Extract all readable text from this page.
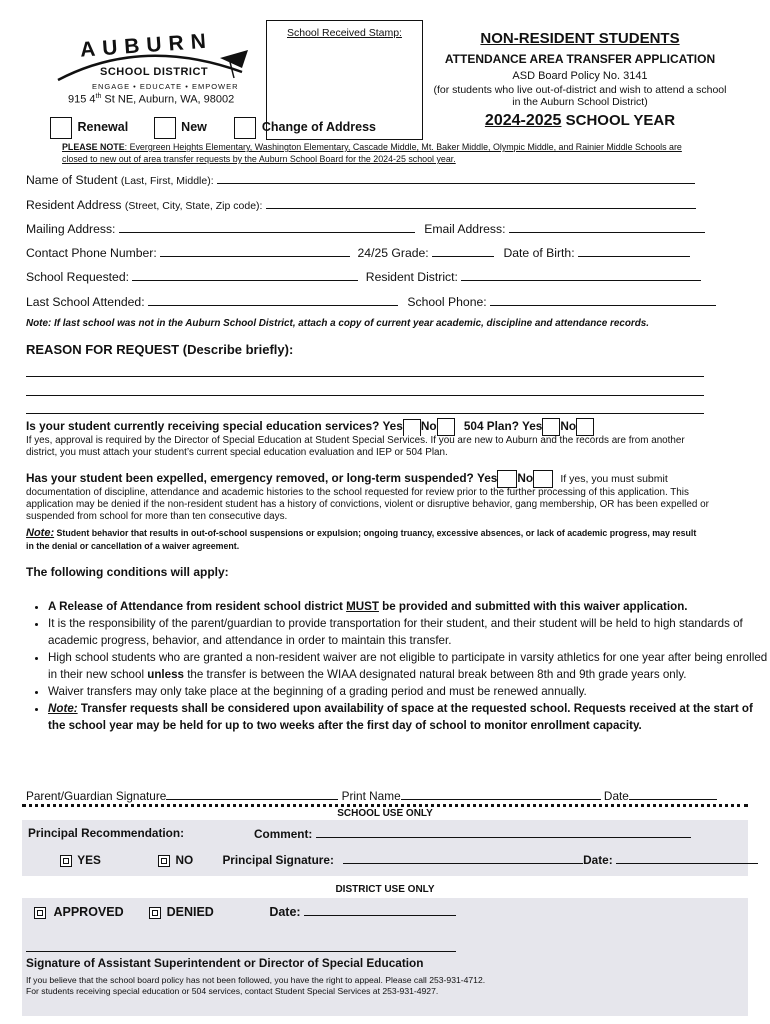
AUBURN
SCHOOL DISTRICT
ENGAGE • EDUCATE • EMPOWER
915 4th St NE, Auburn, WA, 98002
School Received Stamp:	NON-RESIDENT STUDENTS
ATTENDANCE AREA TRANSFER APPLICATION
ASD Board Policy No. 3141
(for students who live out-of-district and wish to attend a school in the Auburn School District)
2024-2025 SCHOOL YEAR
Renewal	New	Change of Address
PLEASE NOTE: Evergreen Heights Elementary, Washington Elementary, Cascade Middle, Mt. Baker Middle, Olympic Middle, and Rainier Middle Schools are closed to new out of area transfer requests by the Auburn School Board for the 2024-25 school year.
Name of Student (Last, First, Middle):
Resident Address (Street, City, State, Zip code):
Mailing Address:	Email Address:
Contact Phone Number:	24/25 Grade:	Date of Birth:
School Requested:	Resident District:
Last School Attended:	School Phone:
Note: If last school was not in the Auburn School District, attach a copy of current year academic, discipline and attendance records.
REASON FOR REQUEST (Describe briefly):
Is your student currently receiving special education services? Yes No 504 Plan? Yes No
If yes, approval is required by the Director of Special Education at Student Special Services. If you are new to Auburn and the records are from another district, you must attach your student’s current special education evaluation and IEP or 504 Plan.
Has your student been expelled, emergency removed, or long-term suspended? Yes No	If yes, you must submit
documentation of discipline, attendance and academic histories to the school requested for review prior to the further processing of this application. This application may be denied if the non-resident student has a history of convictions, violent or disruptive behavior, gang membership, OR has been expelled or suspended from school for more than ten consecutive days.
Note: Student behavior that results in out-of-school suspensions or expulsion; ongoing truancy, excessive absences, or lack of academic progress, may result in the denial or cancellation of a waiver agreement.
The following conditions will apply:
• A Release of Attendance from resident school district MUST be provided and submitted with this waiver application.
• It is the responsibility of the parent/guardian to provide transportation for their student, and their student will be held to high standards of academic progress, behavior, and attendance in order to maintain this transfer.
• High school students who are granted a non-resident waiver are not eligible to participate in varsity athletics for one year after being enrolled in their new school unless the transfer is between the WIAA designated natural break between 8th and 9th grade years only.
• Waiver transfers may only take place at the beginning of a grading period and must be renewed annually.
• Note: Transfer requests shall be considered upon availability of space at the requested school. Requests received at the start of the school year may be held for up to two weeks after the first day of school to monitor enrollment capacity.
Parent/Guardian Signature	Print Name	Date
SCHOOL USE ONLY
Principal Recommendation:	Comment:
YES	NO Principal Signature:	Date:
DISTRICT USE ONLY
APPROVED	DENIED	Date:
Signature of Assistant Superintendent or Director of Special Education
If you believe that the school board policy has not been followed, you have the right to appeal. Please call 253-931-4712.
For students receiving special education or 504 services, contact Student Special Services at 253-931-4927.
